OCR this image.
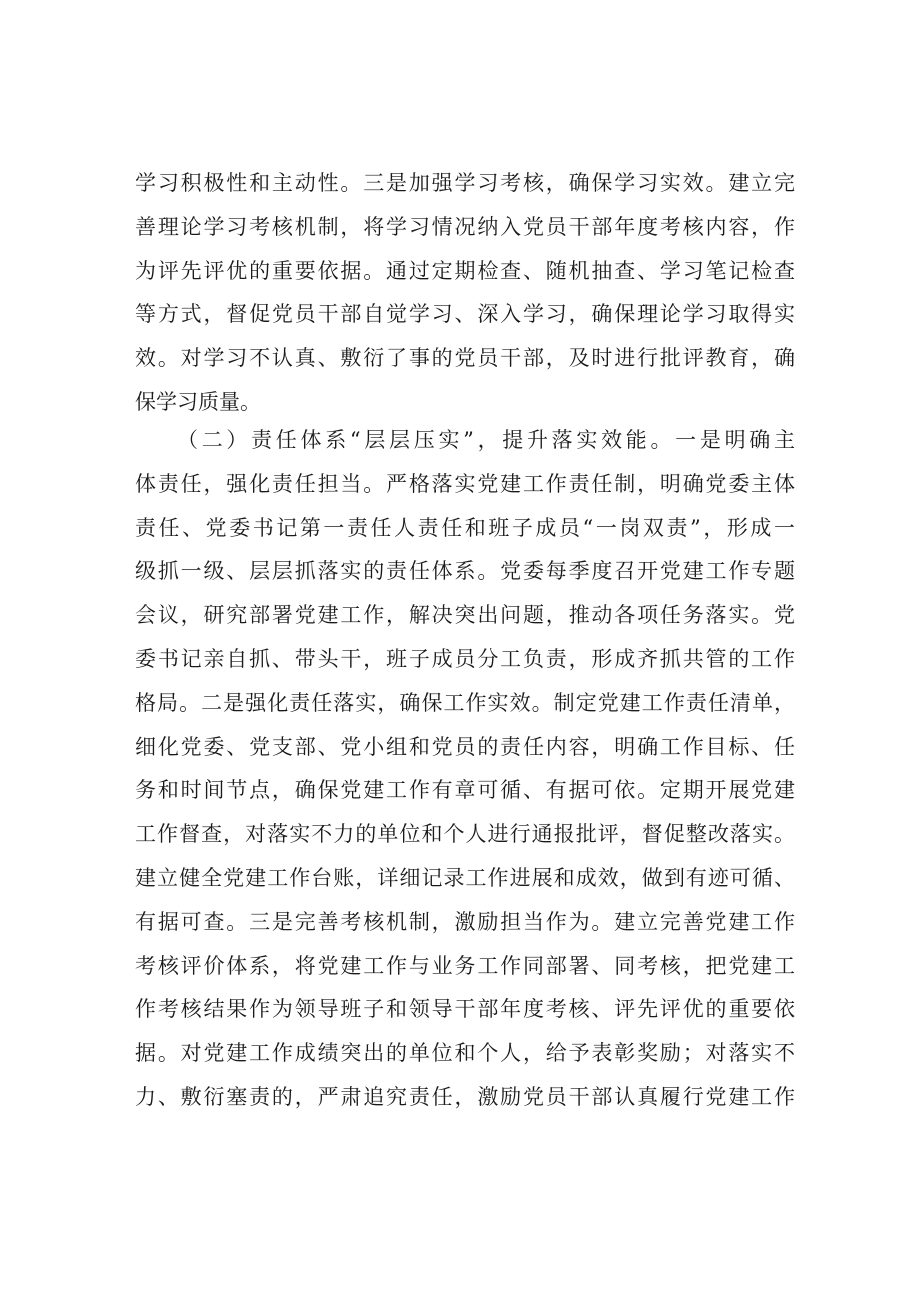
学习积极性和主动性。三是加强学习考核，确保学习实效。建立完
善理论学习考核机制，将学习情况纳入党员干部年度考核内容，作
为评先评优的重要依据。通过定期检查、随机抽查、学习笔记检查
等方式，督促党员干部自觉学习、深入学习，确保理论学习取得实
效。对学习不认真、敷衍了事的党员干部，及时进行批评教育，确
保学习质量。
（二）责任体系“层层压实”，提升落实效能。一是明确主
体责任，强化责任担当。严格落实党建工作责任制，明确党委主体
责任、党委书记第一责任人责任和班子成员“一岗双责”，形成一
级抓一级、层层抓落实的责任体系。党委每季度召开党建工作专题
会议，研究部署党建工作，解决突出问题，推动各项任务落实。党
委书记亲自抓、带头干，班子成员分工负责，形成齐抓共管的工作
格局。二是强化责任落实，确保工作实效。制定党建工作责任清单，
细化党委、党支部、党小组和党员的责任内容，明确工作目标、任
务和时间节点，确保党建工作有章可循、有据可依。定期开展党建
工作督查，对落实不力的单位和个人进行通报批评，督促整改落实。
建立健全党建工作台账，详细记录工作进展和成效，做到有迹可循、
有据可查。三是完善考核机制，激励担当作为。建立完善党建工作
考核评价体系，将党建工作与业务工作同部署、同考核，把党建工
作考核结果作为领导班子和领导干部年度考核、评先评优的重要依
据。对党建工作成绩突出的单位和个人，给予表彰奖励；对落实不
力、敷衍塞责的，严肃追究责任，激励党员干部认真履行党建工作
